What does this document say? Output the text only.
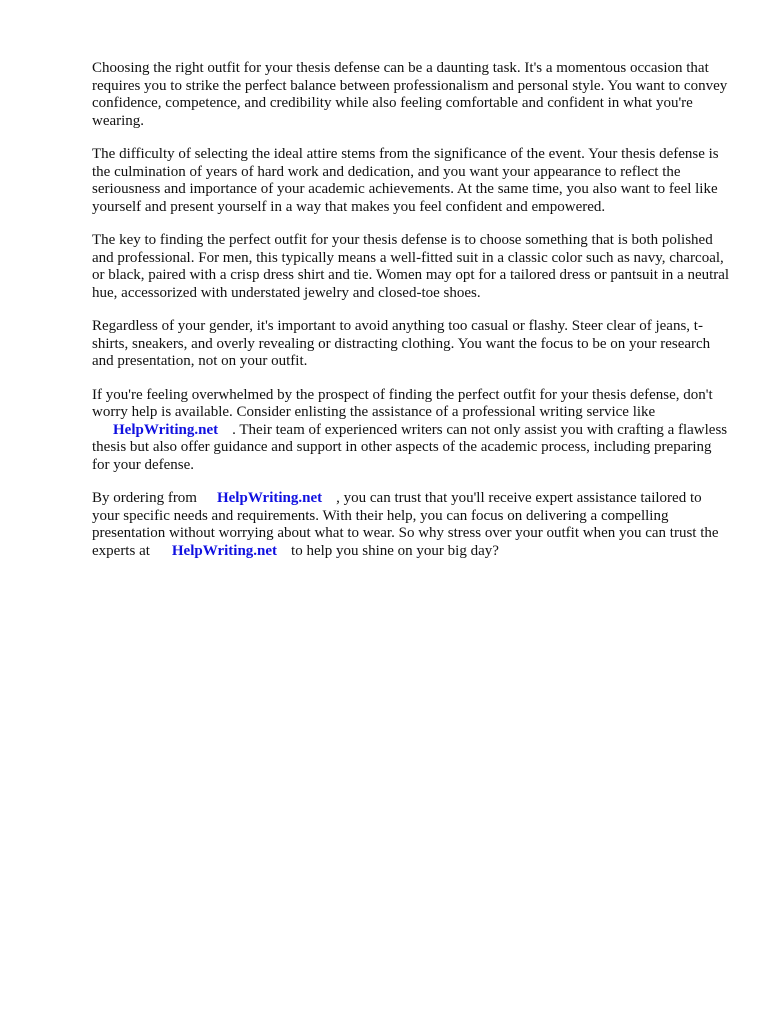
Choosing the right outfit for your thesis defense can be a daunting task. It's a momentous occasion that requires you to strike the perfect balance between professionalism and personal style. You want to convey confidence, competence, and credibility while also feeling comfortable and confident in what you're wearing.

The difficulty of selecting the ideal attire stems from the significance of the event. Your thesis defense is the culmination of years of hard work and dedication, and you want your appearance to reflect the seriousness and importance of your academic achievements. At the same time, you also want to feel like yourself and present yourself in a way that makes you feel confident and empowered.

The key to finding the perfect outfit for your thesis defense is to choose something that is both polished and professional. For men, this typically means a well-fitted suit in a classic color such as navy, charcoal, or black, paired with a crisp dress shirt and tie. Women may opt for a tailored dress or pantsuit in a neutral hue, accessorized with understated jewelry and closed-toe shoes.

Regardless of your gender, it's important to avoid anything too casual or flashy. Steer clear of jeans, t-shirts, sneakers, and overly revealing or distracting clothing. You want the focus to be on your research and presentation, not on your outfit.

If you're feeling overwhelmed by the prospect of finding the perfect outfit for your thesis defense, don't worry help is available. Consider enlisting the assistance of a professional writing service like
HelpWriting.net . Their team of experienced writers can not only assist you with crafting a flawless thesis but also offer guidance and support in other aspects of the academic process, including preparing for your defense.

By ordering from HelpWriting.net , you can trust that you'll receive expert assistance tailored to your specific needs and requirements. With their help, you can focus on delivering a compelling presentation without worrying about what to wear. So why stress over your outfit when you can trust the experts at HelpWriting.net to help you shine on your big day?
